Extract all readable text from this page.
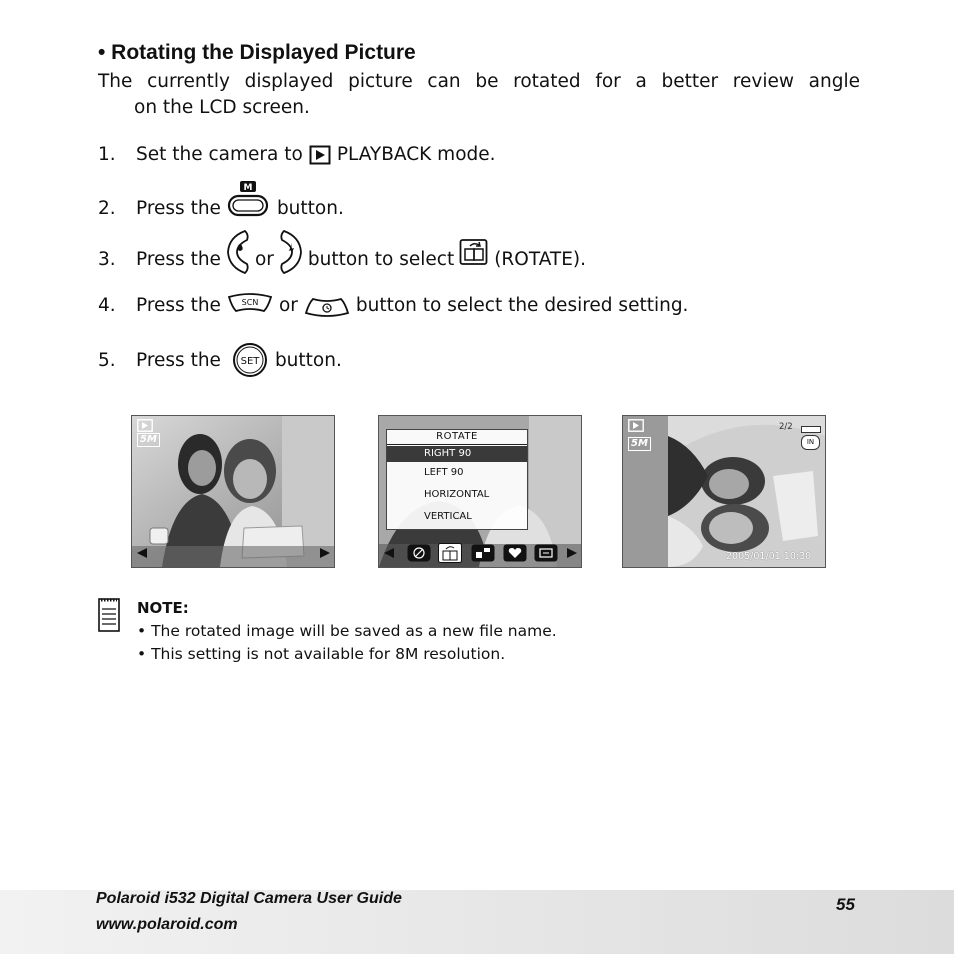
• Rotating the Displayed Picture
The currently displayed picture can be rotated for a better review angle
on the LCD screen.
1.	Set the camera to PLAYBACK mode.
2.	Press the
M
button.
3.	Press the or button to select (ROTATE).
4.	Press the	SCN or	button to select the desired setting.
5.	Press the SET button.
5M	ROTATE
RIGHT 90
LEFT 90
HORIZONTAL
VERTICAL
5M
2/2
IN
2005/01/01 10:30
NOTE:
• The rotated image will be saved as a new file name.
• This setting is not available for 8M resolution.
Polaroid i532 Digital Camera User Guide
www.polaroid.com
55
